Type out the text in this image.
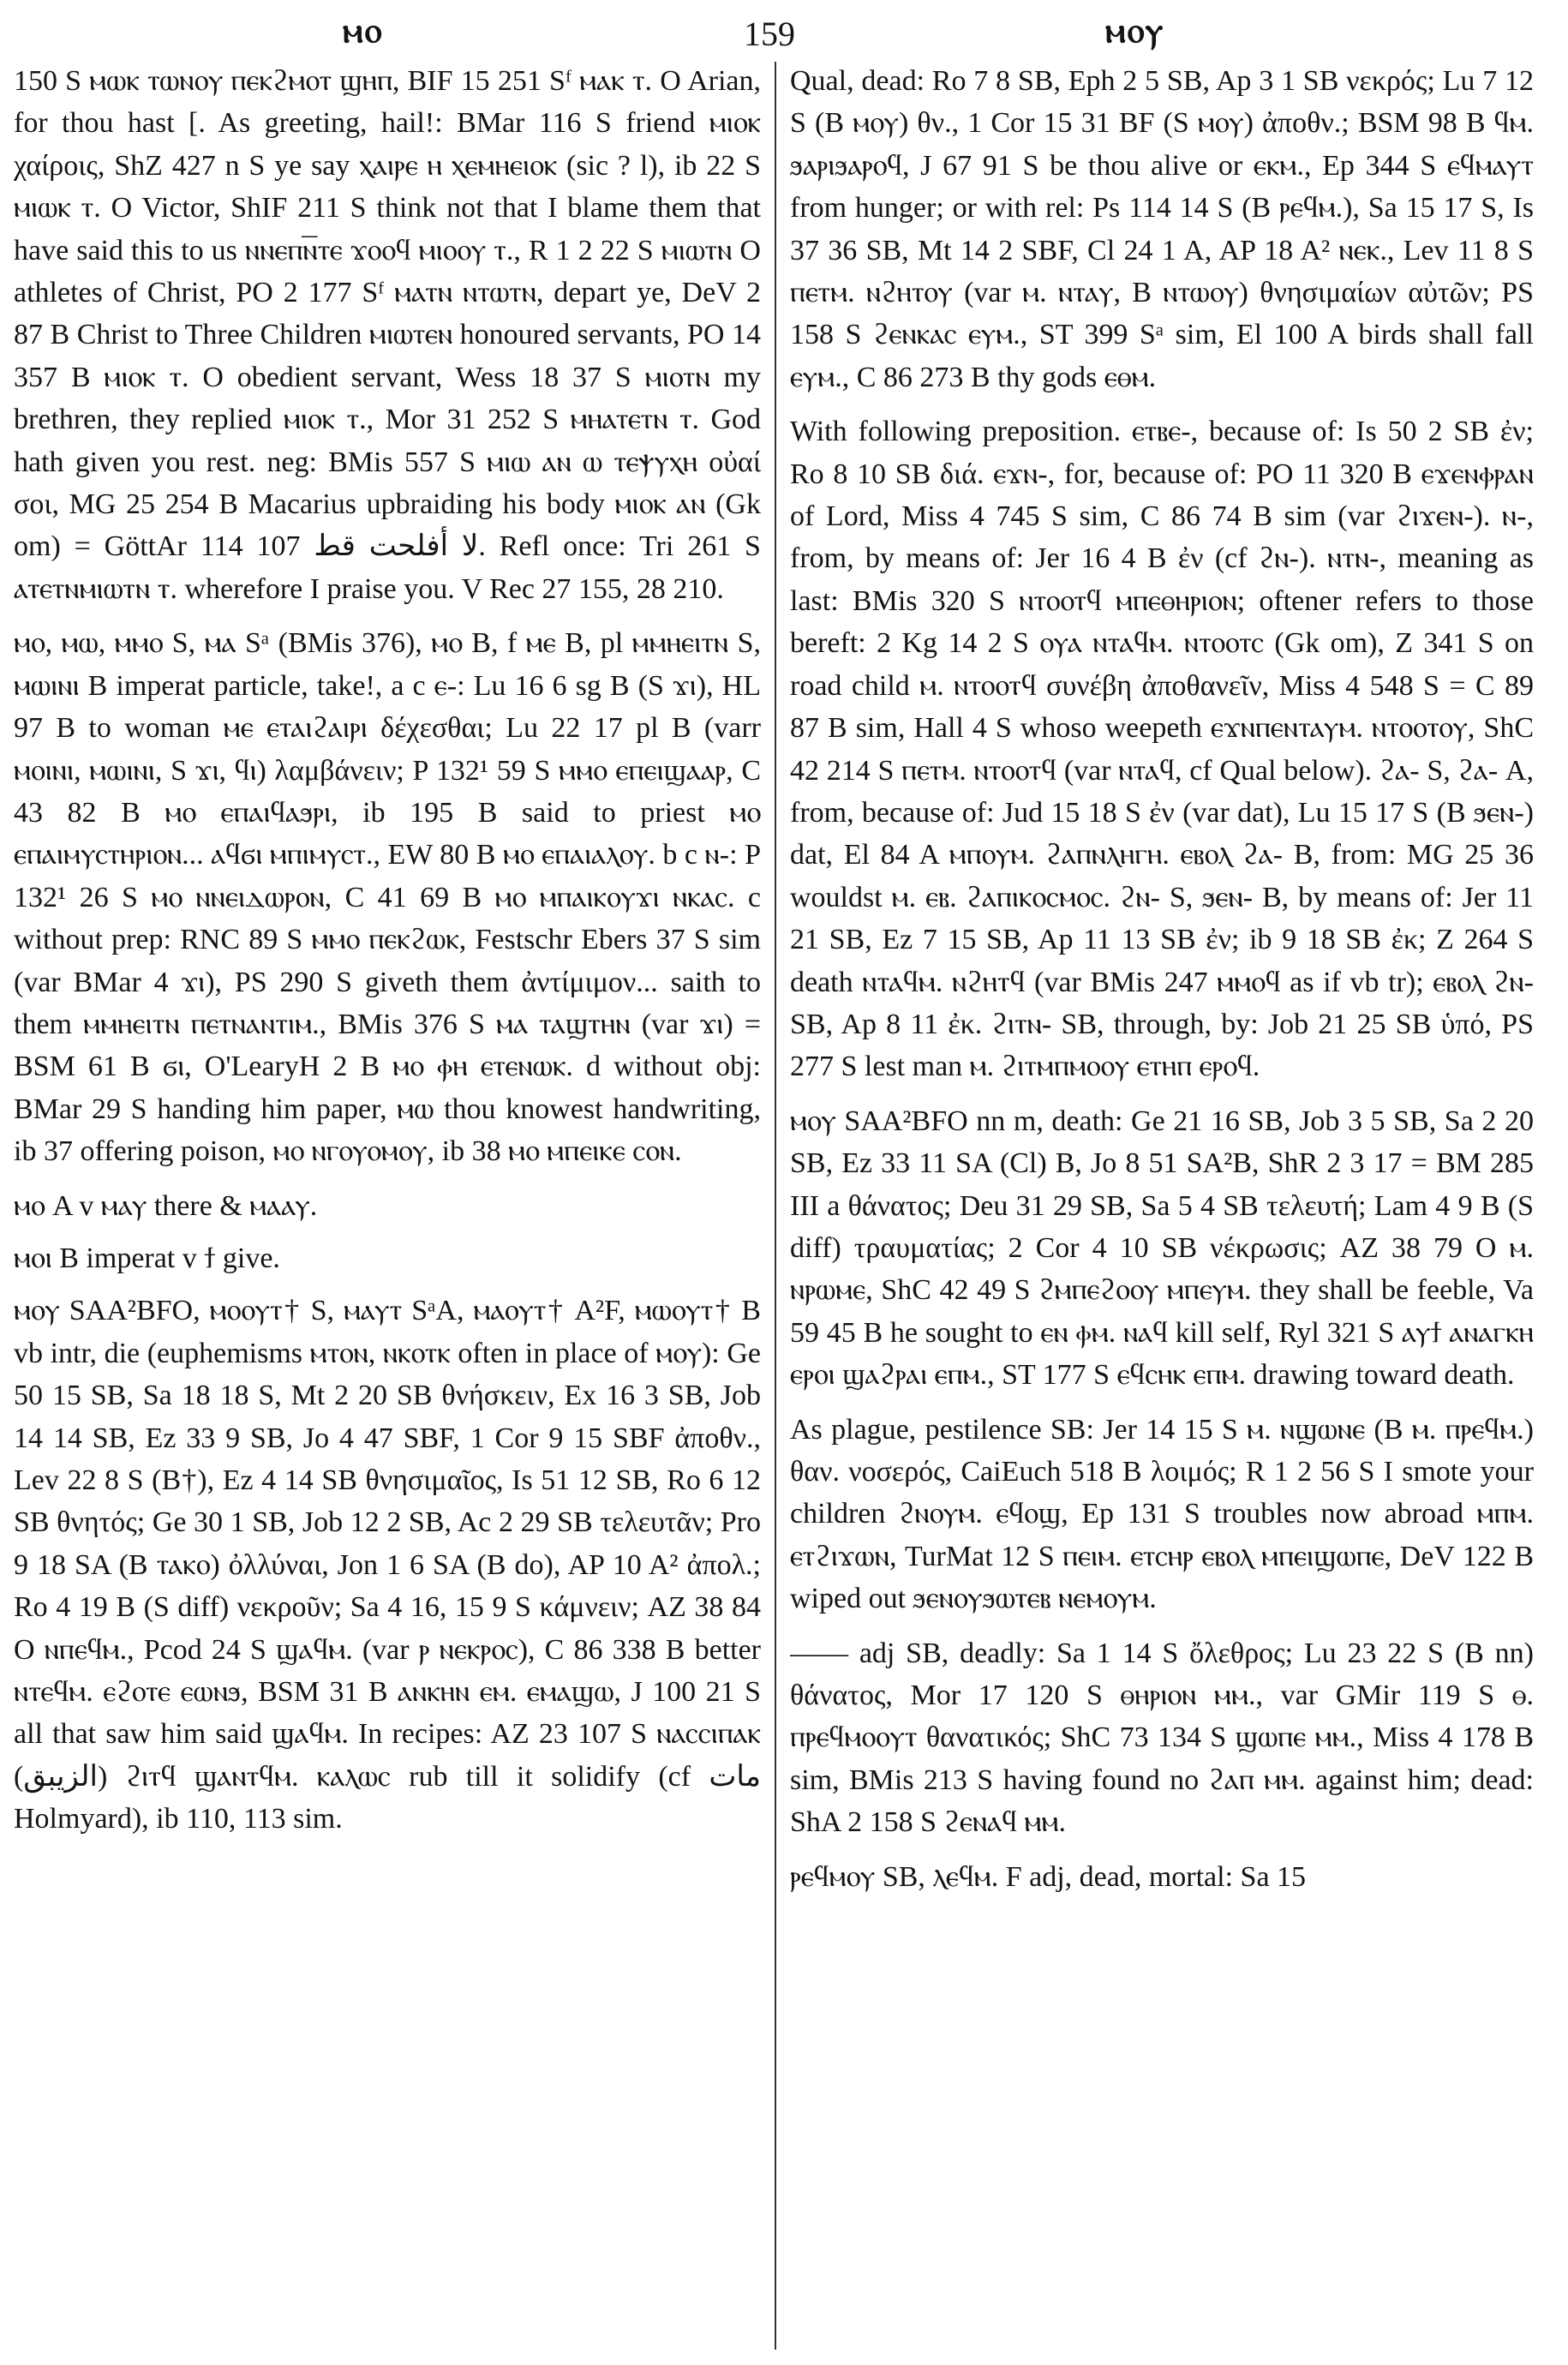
ⲙⲟ	159	ⲙⲟⲩ

150 S ⲙⲱⲕ ⲧⲱⲛⲟⲩ ⲡⲉⲕϩⲙⲟⲧ ϣⲏⲡ, BIF 15 251 Sᶠ ⲙⲁⲕ ⲧ. O Arian, for thou hast [. As greeting, hail!: BMar 116 S friend ⲙⲓⲟⲕ χαίροις, ShZ 427 n S ye say ⲭⲁⲓⲣⲉ ⲏ ⲭⲉⲙⲏⲉⲓⲟⲕ (sic ? l), ib 22 S ⲙⲓⲱⲕ ⲧ. O Victor, ShIF 211 S think not that I blame them that have said this to us ⲛⲛⲉⲡⲛ̅ⲧⲉ ϫⲟⲟϥ ⲙⲓⲟⲟⲩ ⲧ., R 1 2 22 S ⲙⲓⲱⲧⲛ O athletes of Christ, PO 2 177 Sᶠ ⲙⲁⲧⲛ ⲛⲧⲱⲧⲛ, depart ye, DeV 2 87 B Christ to Three Children ⲙⲓⲱⲧⲉⲛ honoured servants, PO 14 357 B ⲙⲓⲟⲕ ⲧ. O obedient servant, Wess 18 37 S ⲙⲓⲟⲧⲛ my brethren, they replied ⲙⲓⲟⲕ ⲧ., Mor 31 252 S ⲙⲏⲁⲧⲉⲧⲛ ⲧ. God hath given you rest. neg: BMis 557 S ⲙⲓⲱ ⲁⲛ ⲱ ⲧⲉⲯⲩⲭⲏ οὐαί σοι, MG 25 254 B Macarius upbraiding his body ⲙⲓⲟⲕ ⲁⲛ (Gk om) = GöttAr 114 107 لا أفلحت قط. Refl once: Tri 261 S ⲁⲧⲉⲧⲛⲙⲓⲱⲧⲛ ⲧ. wherefore I praise you. V Rec 27 155, 28 210.

ⲙⲟ, ⲙⲱ, ⲙⲙⲟ S, ⲙⲁ Sᵃ (BMis 376), ⲙⲟ B, f ⲙⲉ B, pl ⲙⲙⲏⲉⲓⲧⲛ S, ⲙⲱⲓⲛⲓ B imperat particle, take!, a c ⲉ-: Lu 16 6 sg B (S ϫⲓ), HL 97 B to woman ⲙⲉ ⲉⲧⲁⲓϩⲁⲓⲣⲓ δέχεσθαι; Lu 22 17 pl B (varr ⲙⲟⲓⲛⲓ, ⲙⲱⲓⲛⲓ, S ϫⲓ, ϥⲓ) λαμβάνειν; P 132¹ 59 S ⲙⲙⲟ ⲉⲡⲉⲓϣⲁⲁⲣ, C 43 82 B ⲙⲟ ⲉⲡⲁⲓϥⲁϧⲣⲓ, ib 195 B said to priest ⲙⲟ ⲉⲡⲁⲓⲙⲩⲥⲧⲏⲣⲓⲟⲛ... ⲁϥϭⲓ ⲙⲡⲓⲙⲩⲥⲧ., EW 80 B ⲙⲟ ⲉⲡⲁⲓⲁⲗⲟⲩ. b c ⲛ-: P 132¹ 26 S ⲙⲟ ⲛⲛⲉⲓⲇⲱⲣⲟⲛ, C 41 69 B ⲙⲟ ⲙⲡⲁⲓⲕⲟⲩϫⲓ ⲛⲕⲁⲥ. c without prep: RNC 89 S ⲙⲙⲟ ⲡⲉⲕϩⲱⲕ, Festschr Ebers 37 S sim (var BMar 4 ϫⲓ), PS 290 S giveth them ἀντίμιμον... saith to them ⲙⲙⲏⲉⲓⲧⲛ ⲡⲉⲧⲛⲁⲛⲧⲓⲙ., BMis 376 S ⲙⲁ ⲧⲁϣⲧⲏⲛ (var ϫⲓ) = BSM 61 B ϭⲓ, O'LearyH 2 B ⲙⲟ ⲫⲏ ⲉⲧⲉⲛⲱⲕ. d without obj: BMar 29 S handing him paper, ⲙⲱ thou knowest handwriting, ib 37 offering poison, ⲙⲟ ⲛⲅⲟⲩⲟⲙⲟⲩ, ib 38 ⲙⲟ ⲙⲡⲉⲓⲕⲉ ⲥⲟⲛ.

ⲙⲟ A v ⲙⲁⲩ there & ⲙⲁⲁⲩ.

ⲙⲟⲓ B imperat v ϯ give.

ⲙⲟⲩ SAA²BFO, ⲙⲟⲟⲩⲧ† S, ⲙⲁⲩⲧ SᵃA, ⲙⲁⲟⲩⲧ† A²F, ⲙⲱⲟⲩⲧ† B vb intr, die (euphemisms ⲙⲧⲟⲛ, ⲛⲕⲟⲧⲕ often in place of ⲙⲟⲩ): Ge 50 15 SB, Sa 18 18 S, Mt 2 20 SB θνήσκειν, Ex 16 3 SB, Job 14 14 SB, Ez 33 9 SB, Jo 4 47 SBF, 1 Cor 9 15 SBF ἀποθν., Lev 22 8 S (B†), Ez 4 14 SB θνησιμαῖος, Is 51 12 SB, Ro 6 12 SB θνητός; Ge 30 1 SB, Job 12 2 SB, Ac 2 29 SB τελευτᾶν; Pro 9 18 SA (B ⲧⲁⲕⲟ) ὀλλύναι, Jon 1 6 SA (B do), AP 10 A² ἀπολ.; Ro 4 19 B (S diff) νεκροῦν; Sa 4 16, 15 9 S κάμνειν; AZ 38 84 O ⲛⲡⲉϥⲙ., Pcod 24 S ϣⲁϥⲙ. (var ⲣ ⲛⲉⲕⲣⲟⲥ), C 86 338 B better ⲛⲧⲉϥⲙ. ⲉϩⲟⲧⲉ ⲉⲱⲛϧ, BSM 31 B ⲁⲛⲕⲏⲛ ⲉⲙ. ⲉⲙⲁϣⲱ, J 100 21 S all that saw him said ϣⲁϥⲙ. In recipes: AZ 23 107 S ⲛⲁⲥⲥⲓⲡⲁⲕ (الزيبق) ϩⲓⲧϥ ϣⲁⲛⲧϥⲙ. ⲕⲁⲗⲱⲥ rub till it solidify (cf مات Holmyard), ib 110, 113 sim.

Qual, dead: Ro 7 8 SB, Eph 2 5 SB, Ap 3 1 SB νεκρός; Lu 7 12 S (B ⲙⲟⲩ) θν., 1 Cor 15 31 BF (S ⲙⲟⲩ) ἀποθν.; BSM 98 B ϥⲙ. ϧⲁⲣⲓϧⲁⲣⲟϥ, J 67 91 S be thou alive or ⲉⲕⲙ., Ep 344 S ⲉϥⲙⲁⲩⲧ from hunger; or with rel: Ps 114 14 S (B ⲣⲉϥⲙ.), Sa 15 17 S, Is 37 36 SB, Mt 14 2 SBF, Cl 24 1 A, AP 18 A² ⲛⲉⲕ., Lev 11 8 S ⲡⲉⲧⲙ. ⲛϩⲏⲧⲟⲩ (var ⲙ. ⲛⲧⲁⲩ, B ⲛⲧⲱⲟⲩ) θνησιμαίων αὐτῶν; PS 158 S ϩⲉⲛⲕⲁⲥ ⲉⲩⲙ., ST 399 Sᵃ sim, El 100 A birds shall fall ⲉⲩⲙ., C 86 273 B thy gods ⲉⲑⲙ.

With following preposition. ⲉⲧⲃⲉ-, because of: Is 50 2 SB ἐν; Ro 8 10 SB διά. ⲉϫⲛ-, for, because of: PO 11 320 B ⲉϫⲉⲛⲫⲣⲁⲛ of Lord, Miss 4 745 S sim, C 86 74 B sim (var ϩⲓϫⲉⲛ-). ⲛ-, from, by means of: Jer 16 4 B ἐν (cf ϩⲛ-). ⲛⲧⲛ-, meaning as last: BMis 320 S ⲛⲧⲟⲟⲧϥ ⲙⲡⲉⲑⲏⲣⲓⲟⲛ; oftener refers to those bereft: 2 Kg 14 2 S ⲟⲩⲁ ⲛⲧⲁϥⲙ. ⲛⲧⲟⲟⲧⲥ (Gk om), Z 341 S on road child ⲙ. ⲛⲧⲟⲟⲧϥ συνέβη ἀποθανεῖν, Miss 4 548 S = C 89 87 B sim, Hall 4 S whoso weepeth ⲉϫⲛⲡⲉⲛⲧⲁⲩⲙ. ⲛⲧⲟⲟⲧⲟⲩ, ShC 42 214 S ⲡⲉⲧⲙ. ⲛⲧⲟⲟⲧϥ (var ⲛⲧⲁϥ, cf Qual below). ϩⲁ- S, ϩⲁ- A, from, because of: Jud 15 18 S ἐν (var dat), Lu 15 17 S (B ϧⲉⲛ-) dat, El 84 A ⲙⲡⲟⲩⲙ. ϩⲁⲡⲛⲗⲏⲅⲏ. ⲉⲃⲟⲗ ϩⲁ- B, from: MG 25 36 wouldst ⲙ. ⲉⲃ. ϩⲁⲡⲓⲕⲟⲥⲙⲟⲥ. ϩⲛ- S, ϧⲉⲛ- B, by means of: Jer 11 21 SB, Ez 7 15 SB, Ap 11 13 SB ἐν; ib 9 18 SB ἐκ; Z 264 S death ⲛⲧⲁϥⲙ. ⲛϩⲏⲧϥ (var BMis 247 ⲙⲙⲟϥ as if vb tr); ⲉⲃⲟⲗ ϩⲛ- SB, Ap 8 11 ἐκ. ϩⲓⲧⲛ- SB, through, by: Job 21 25 SB ὑπό, PS 277 S lest man ⲙ. ϩⲓⲧⲙⲡⲙⲟⲟⲩ ⲉⲧⲏⲡ ⲉⲣⲟϥ.

ⲙⲟⲩ SAA²BFO nn m, death: Ge 21 16 SB, Job 3 5 SB, Sa 2 20 SB, Ez 33 11 SA (Cl) B, Jo 8 51 SA²B, ShR 2 3 17 = BM 285 III a θάνατος; Deu 31 29 SB, Sa 5 4 SB τελευτή; Lam 4 9 B (S diff) τραυματίας; 2 Cor 4 10 SB νέκρωσις; AZ 38 79 O ⲙ. ⲛⲣⲱⲙⲉ, ShC 42 49 S ϩⲙⲡⲉϩⲟⲟⲩ ⲙⲡⲉⲩⲙ. they shall be feeble, Va 59 45 B he sought to ⲉⲛ ⲫⲙ. ⲛⲁϥ kill self, Ryl 321 S ⲁⲩϯ ⲁⲛⲁⲅⲕⲏ ⲉⲣⲟⲓ ϣⲁϩⲣⲁⲓ ⲉⲡⲙ., ST 177 S ⲉϥⲥⲏⲕ ⲉⲡⲙ. drawing toward death.

As plague, pestilence SB: Jer 14 15 S ⲙ. ⲛϣⲱⲛⲉ (B ⲙ. ⲡⲣⲉϥⲙ.) θαν. νοσερός, CaiEuch 518 B λοιμός; R 1 2 56 S I smote your children ϩⲛⲟⲩⲙ. ⲉϥⲟϣ, Ep 131 S troubles now abroad ⲙⲡⲙ. ⲉⲧϩⲓϫⲱⲛ, TurMat 12 S ⲡⲉⲓⲙ. ⲉⲧⲥⲏⲣ ⲉⲃⲟⲗ ⲙⲡⲉⲓϣⲱⲡⲉ, DeV 122 B wiped out ϧⲉⲛⲟⲩϧⲱⲧⲉⲃ ⲛⲉⲙⲟⲩⲙ.

—— adj SB, deadly: Sa 1 14 S ὄλεθρος; Lu 23 22 S (B nn) θάνατος, Mor 17 120 S ⲑⲏⲣⲓⲟⲛ ⲙⲙ., var GMir 119 S ⲑ. ⲡⲣⲉϥⲙⲟⲟⲩⲧ θανατικός; ShC 73 134 S ϣⲱⲡⲉ ⲙⲙ., Miss 4 178 B sim, BMis 213 S having found no ϩⲁⲡ ⲙⲙ. against him; dead: ShA 2 158 S ϩⲉⲛⲁϥ ⲙⲙ.

ⲣⲉϥⲙⲟⲩ SB, ⲗⲉϥⲙ. F adj, dead, mortal: Sa 15
